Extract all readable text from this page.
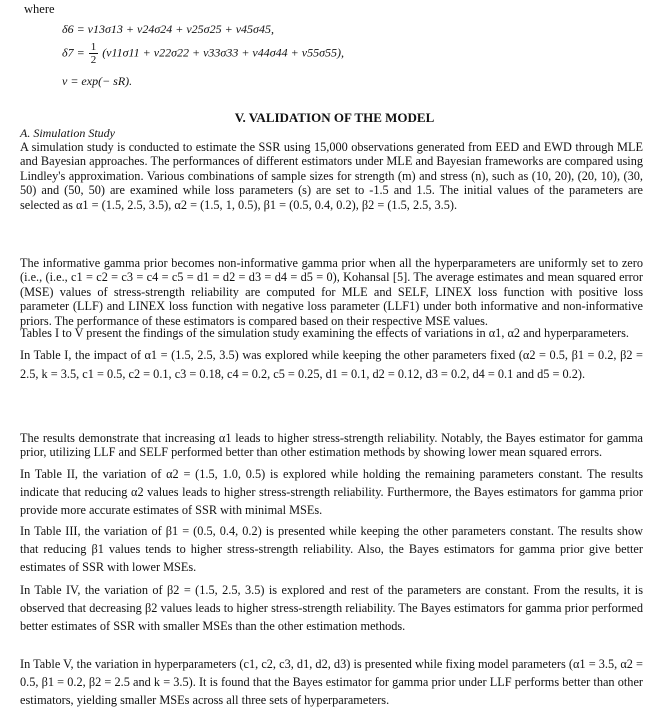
where
δ6 = ν13σ13 + ν24σ24 + ν25σ25 + ν45σ45,
$\delta 7 = \frac{1}{2} (\nu 11\sigma 11 + \nu 22\sigma 22 + \nu 33\sigma 33 + \nu 44\sigma 44 + \nu 55\sigma 55)$,
v = exp(− sR).
V. VALIDATION OF THE MODEL
A. Simulation Study

A simulation study is conducted to estimate the SSR using 15,000 observations generated from EED and EWD through MLE and Bayesian approaches. The performances of different estimators under MLE and Bayesian frameworks are compared using Lindley's approximation. Various combinations of sample sizes for strength (m) and stress (n), such as (10, 20), (20, 10), (30, 50) and (50, 50) are examined while loss parameters (s) are set to -1.5 and 1.5. The initial values of the parameters are selected as α1 = (1.5, 2.5, 3.5), α2 = (1.5, 1, 0.5), β1 = (0.5, 0.4, 0.2), β2 = (1.5, 2.5, 3.5).

The informative gamma prior becomes non-informative gamma prior when all the hyperparameters are uniformly set to zero (i.e., (i.e., c1 = c2 = c3 = c4 = c5 = d1 = d2 = d3 = d4 = d5 = 0), Kohansal [5]. The average estimates and mean squared error (MSE) values of stress-strength reliability are computed for MLE and SELF, LINEX loss function with positive loss parameter (LLF) and LINEX loss function with negative loss parameter (LLF1) under both informative and non-informative priors. The performance of these estimators is compared based on their respective MSE values.

Tables I to V present the findings of the simulation study examining the effects of variations in α1, α2 and hyperparameters.

In Table I, the impact of α1 = (1.5, 2.5, 3.5) was explored while keeping the other parameters fixed (α2 = 0.5, β1 = 0.2, β2 = 2.5, k = 3.5, c1 = 0.5, c2 = 0.1, c3 = 0.18, c4 = 0.2, c5 = 0.25, d1 = 0.1, d2 = 0.12, d3 = 0.2, d4 = 0.1 and d5 = 0.2).

The results demonstrate that increasing α1 leads to higher stress-strength reliability. Notably, the Bayes estimator for gamma prior, utilizing LLF and SELF performed better than other estimation methods by showing lower mean squared errors.

In Table II, the variation of α2 = (1.5, 1.0, 0.5) is explored while holding the remaining parameters constant. The results indicate that reducing α2 values leads to higher stress-strength reliability. Furthermore, the Bayes estimators for gamma prior provide more accurate estimates of SSR with minimal MSEs.

In Table III, the variation of β1 = (0.5, 0.4, 0.2) is presented while keeping the other parameters constant. The results show that reducing β1 values tends to higher stress-strength reliability. Also, the Bayes estimators for gamma prior give better estimates of SSR with lower MSEs.

In Table IV, the variation of β2 = (1.5, 2.5, 3.5) is explored and rest of the parameters are constant. From the results, it is observed that decreasing β2 values leads to higher stress-strength reliability. The Bayes estimators for gamma prior performed better estimates of SSR with smaller MSEs than the other estimation methods.

In Table V, the variation in hyperparameters (c1, c2, c3, d1, d2, d3) is presented while fixing model parameters (α1 = 3.5, α2 = 0.5, β1 = 0.2, β2 = 2.5 and k = 3.5). It is found that the Bayes estimator for gamma prior under LLF performs better than other estimators, yielding smaller MSEs across all three sets of hyperparameters.
